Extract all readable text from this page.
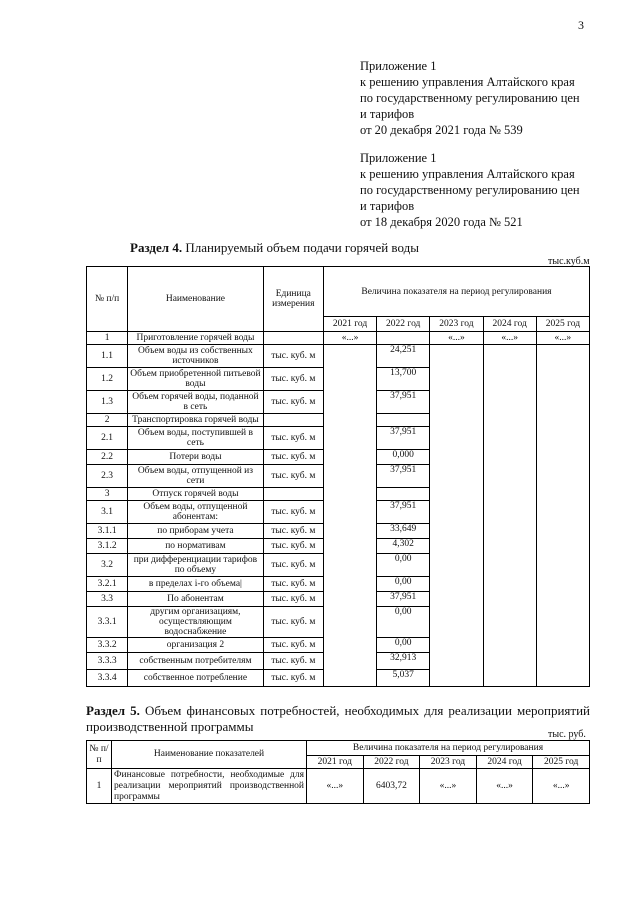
3
Приложение 1
к решению управления Алтайского края
по государственному регулированию цен
и тарифов
от 20 декабря 2021 года № 539
Приложение 1
к решению управления Алтайского края
по государственному регулированию цен
и тарифов
от 18 декабря 2020 года № 521
Раздел 4. Планируемый объем подачи горячей воды
тыс.куб.м
№ п/п	Наименование	Единица измерения	Величина показателя на период регулирования				
			2021 год	2022 год	2023 год	2024 год	2025 год
1	Приготовление горячей воды		«...»		«...»	«...»	«...»
1.1	Объем воды из собственных источников	тыс. куб. м		24,251			
1.2	Объем приобретенной питьевой воды	тыс. куб. м		13,700			
1.3	Объем горячей воды, поданной в сеть	тыс. куб. м		37,951			
2	Транспортировка горячей воды						
2.1	Объем воды, поступившей в сеть	тыс. куб. м		37,951			
2.2	Потери воды	тыс. куб. м		0,000			
2.3	Объем воды, отпущенной из сети	тыс. куб. м		37,951			
3	Отпуск горячей воды						
3.1	Объем воды, отпущенной абонентам:	тыс. куб. м		37,951			
3.1.1	по приборам учета	тыс. куб. м		33,649			
3.1.2	по нормативам	тыс. куб. м		4,302			
3.2	при дифференциации тарифов по объему	тыс. куб. м		0,00			
3.2.1	в пределах i-го объема|	тыс. куб. м		0,00			
3.3	По абонентам	тыс. куб. м		37,951			
3.3.1	другим организациям, осуществляющим водоснабжение	тыс. куб. м		0,00			
3.3.2	организация 2	тыс. куб. м		0,00			
3.3.3	собственным потребителям	тыс. куб. м		32,913			
3.3.4	собственное потребление	тыс. куб. м		5,037			
Раздел 5. Объем финансовых потребностей, необходимых для реализации мероприятий производственной программы
тыс. руб.
№ п/п	Наименование показателей	Величина показателя на период регулирования				
		2021 год	2022 год	2023 год	2024 год	2025 год
1	Финансовые потребности, необходимые для реализации мероприятий производственной программы	«...»	6403,72	«...»	«...»	«...»
